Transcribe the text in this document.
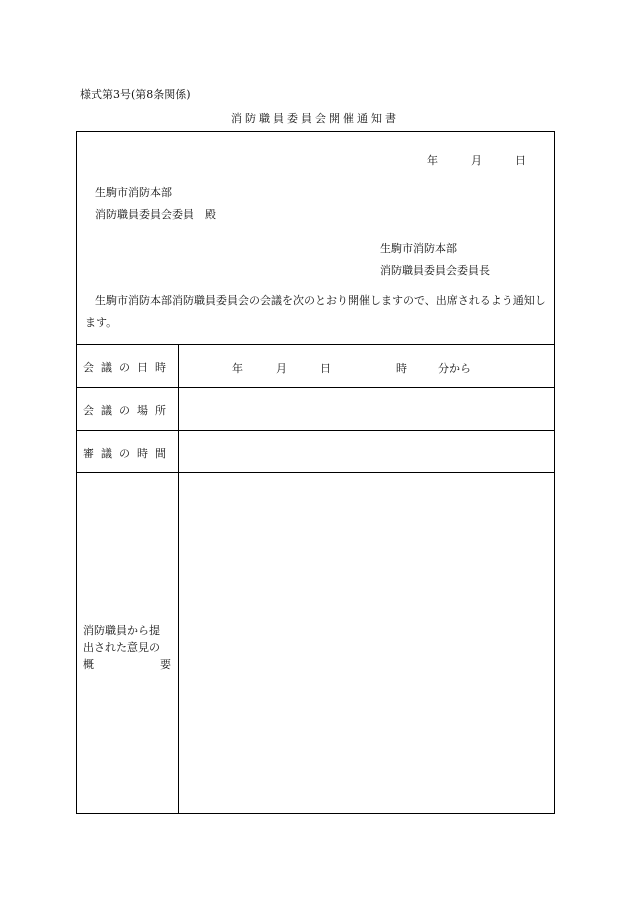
様式第3号(第8条関係)
消防職員委員会開催通知書
年	月	日
生駒市消防本部
消防職員委員会委員　殿
生駒市消防本部
消防職員委員会委員長
生駒市消防本部消防職員委員会の会議を次のとおり開催しますので、出席されるよう通知します。
会議の日時	年	月	日	時	分から
会議の場所
審議の時間
消防職員から提
出された意見の
概	要
